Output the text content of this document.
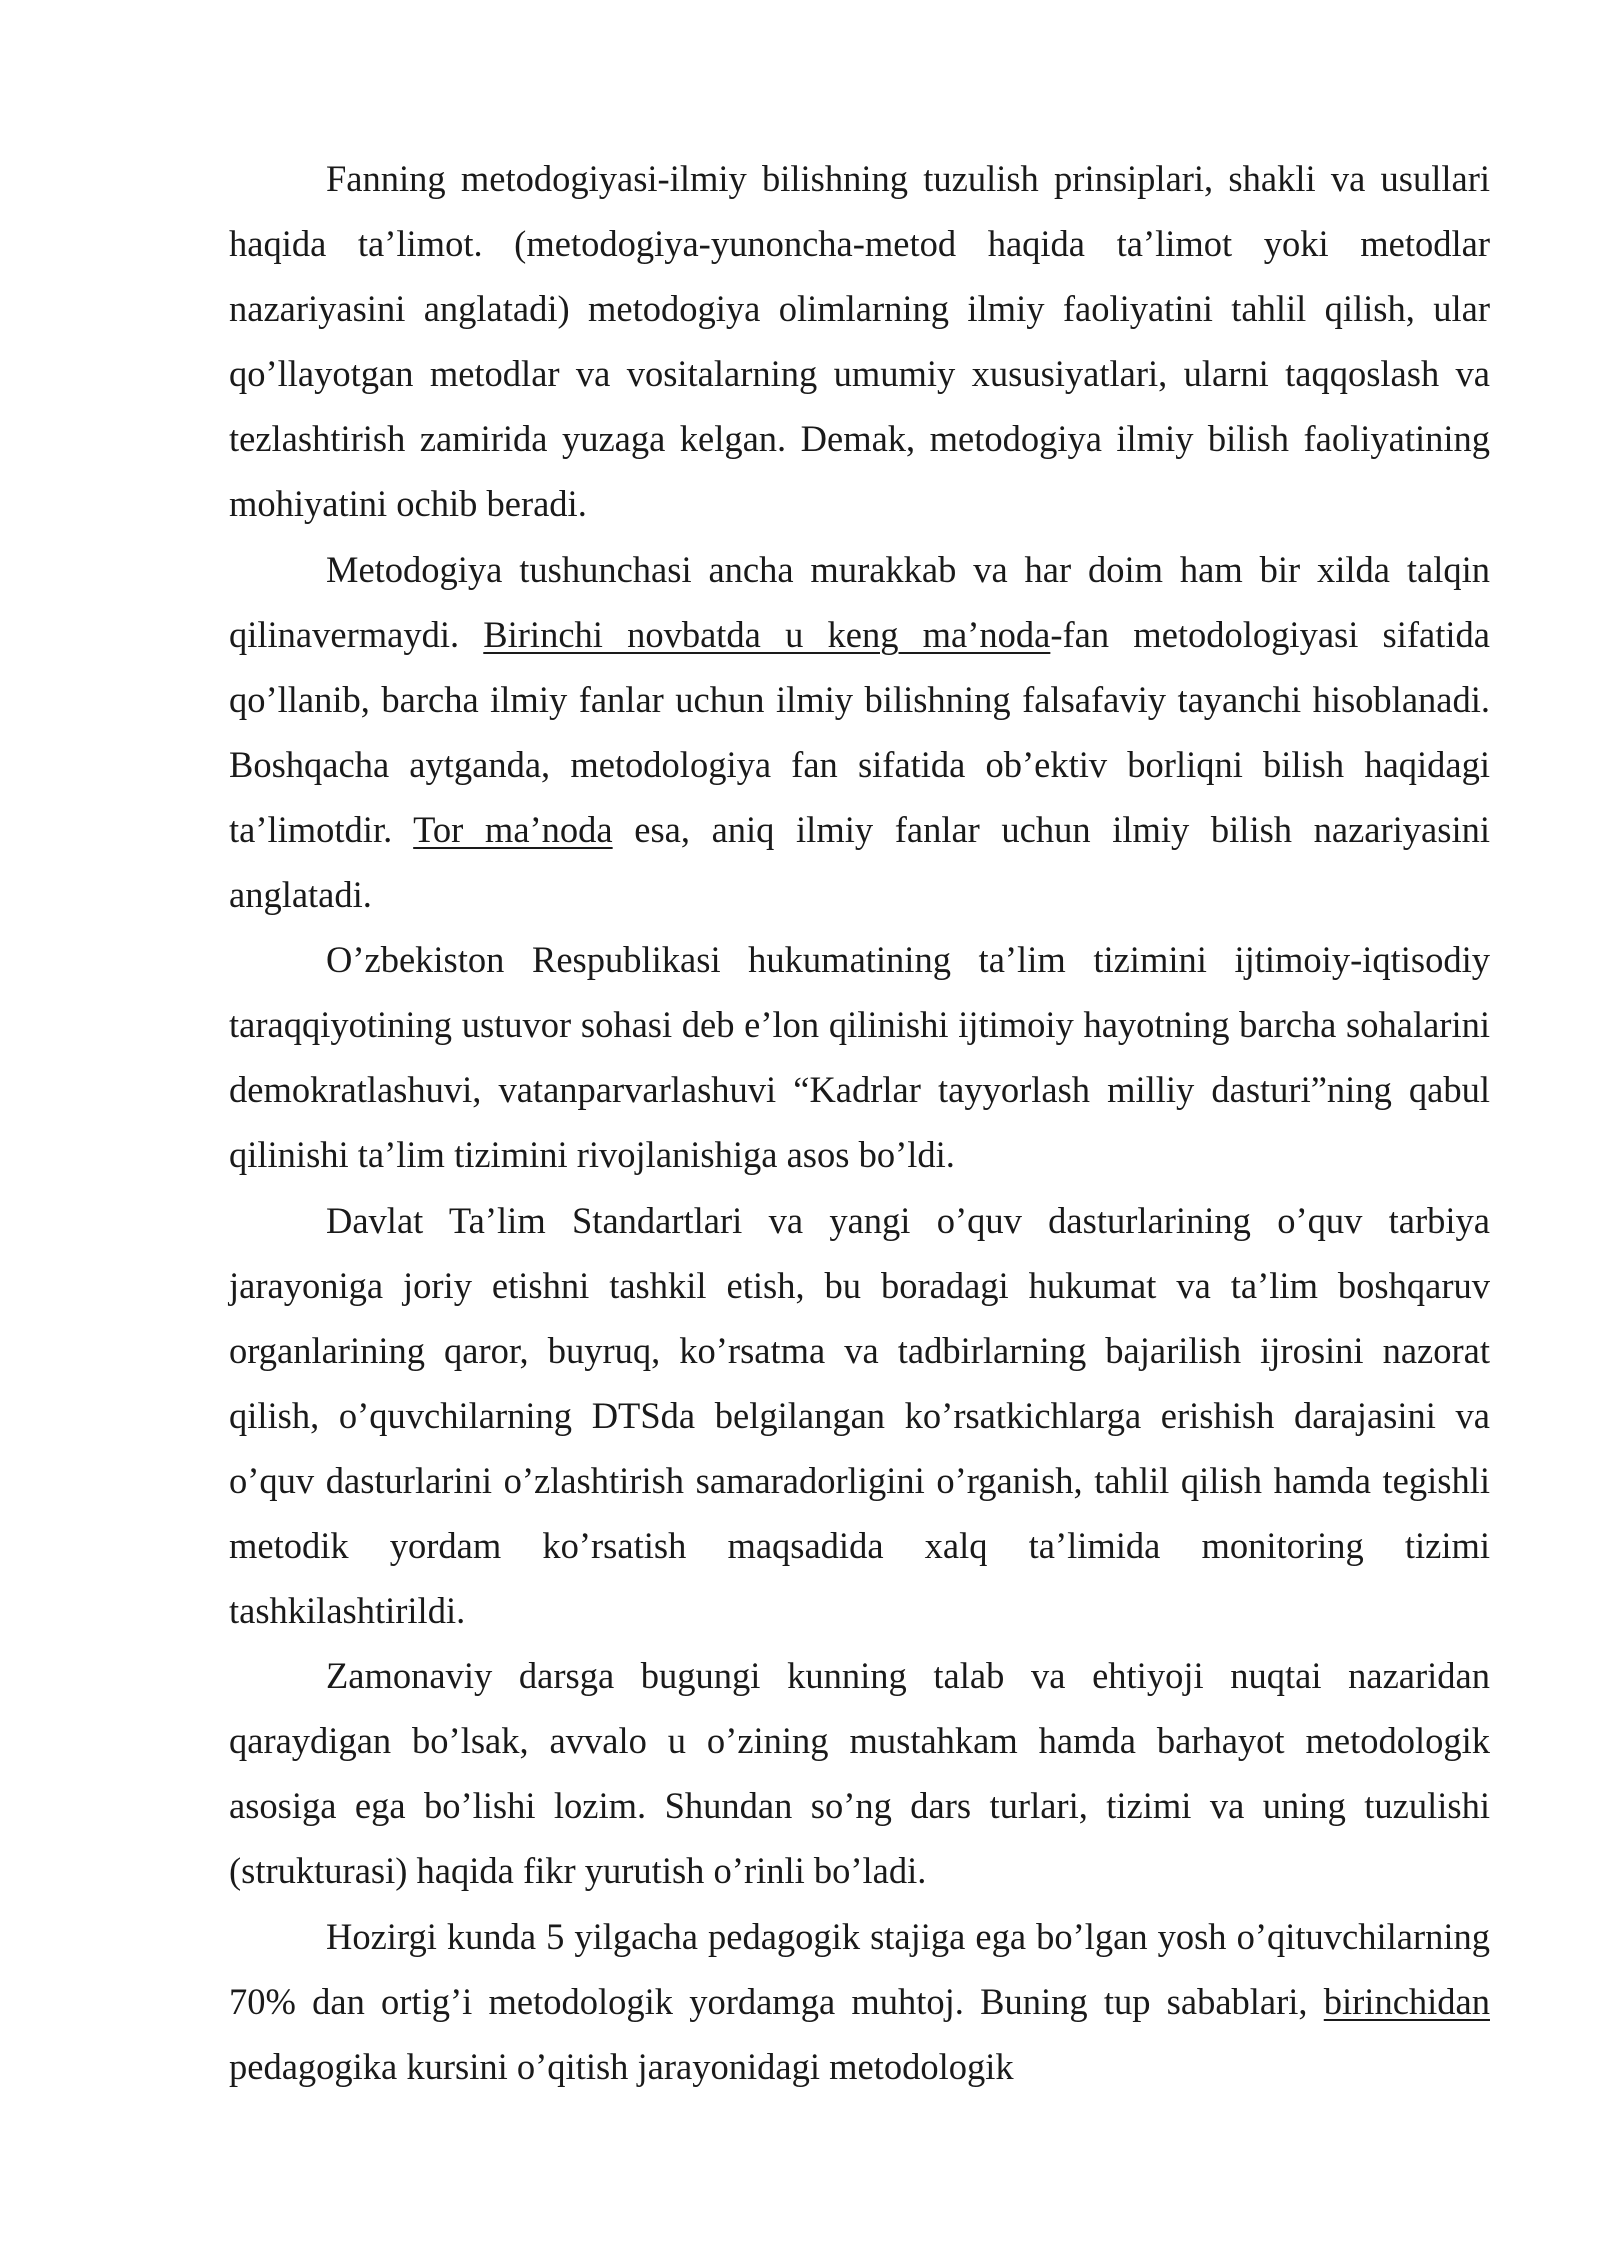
Fanning metodogiyasi-ilmiy bilishning tuzulish prinsiplari, shakli va usullari haqida ta’limot. (metodogiya-yunoncha-metod haqida ta’limot yoki metodlar nazariyasini anglatadi) metodogiya olimlarning ilmiy faoliyatini tahlil qilish, ular qo’llayotgan metodlar va vositalarning umumiy xususiyatlari, ularni taqqoslash va tezlashtirish zamirida yuzaga kelgan. Demak, metodogiya ilmiy bilish faoliyatining mohiyatini ochib beradi.

Metodogiya tushunchasi ancha murakkab va har doim ham bir xilda talqin qilinavermaydi. Birinchi novbatda u keng ma’noda-fan metodologiyasi sifatida qo’llanib, barcha ilmiy fanlar uchun ilmiy bilishning falsafaviy tayanchi hisoblanadi. Boshqacha aytganda, metodologiya fan sifatida ob’ektiv borliqni bilish haqidagi ta’limotdir. Tor ma’noda esa, aniq ilmiy fanlar uchun ilmiy bilish nazariyasini anglatadi.

O’zbekiston Respublikasi hukumatining ta’lim tizimini ijtimoiy-iqtisodiy taraqqiyotining ustuvor sohasi deb e’lon qilinishi ijtimoiy hayotning barcha sohalarini demokratlashuvi, vatanparvarlashuvi “Kadrlar tayyorlash milliy dasturi”ning qabul qilinishi ta’lim tizimini rivojlanishiga asos bo’ldi.

Davlat Ta’lim Standartlari va yangi o’quv dasturlarining o’quv tarbiya jarayoniga joriy etishni tashkil etish, bu boradagi hukumat va ta’lim boshqaruv organlarining qaror, buyruq, ko’rsatma va tadbirlarning bajarilish ijrosini nazorat qilish, o’quvchilarning DTSda belgilangan ko’rsatkichlarga erishish darajasini va o’quv dasturlarini o’zlashtirish samaradorligini o’rganish, tahlil qilish hamda tegishli metodik yordam ko’rsatish maqsadida xalq ta’limida monitoring tizimi tashkilashtirildi.

Zamonaviy darsga bugungi kunning talab va ehtiyoji nuqtai nazaridan qaraydigan bo’lsak, avvalo u o’zining mustahkam hamda barhayot metodologik asosiga ega bo’lishi lozim. Shundan so’ng dars turlari, tizimi va uning tuzulishi (strukturasi) haqida fikr yurutish o’rinli bo’ladi.

Hozirgi kunda 5 yilgacha pedagogik stajiga ega bo’lgan yosh o’qituvchilarning 70% dan ortig’i metodologik yordamga muhtoj. Buning tup sabablari, birinchidan pedagogika kursini o’qitish jarayonidagi metodologik
